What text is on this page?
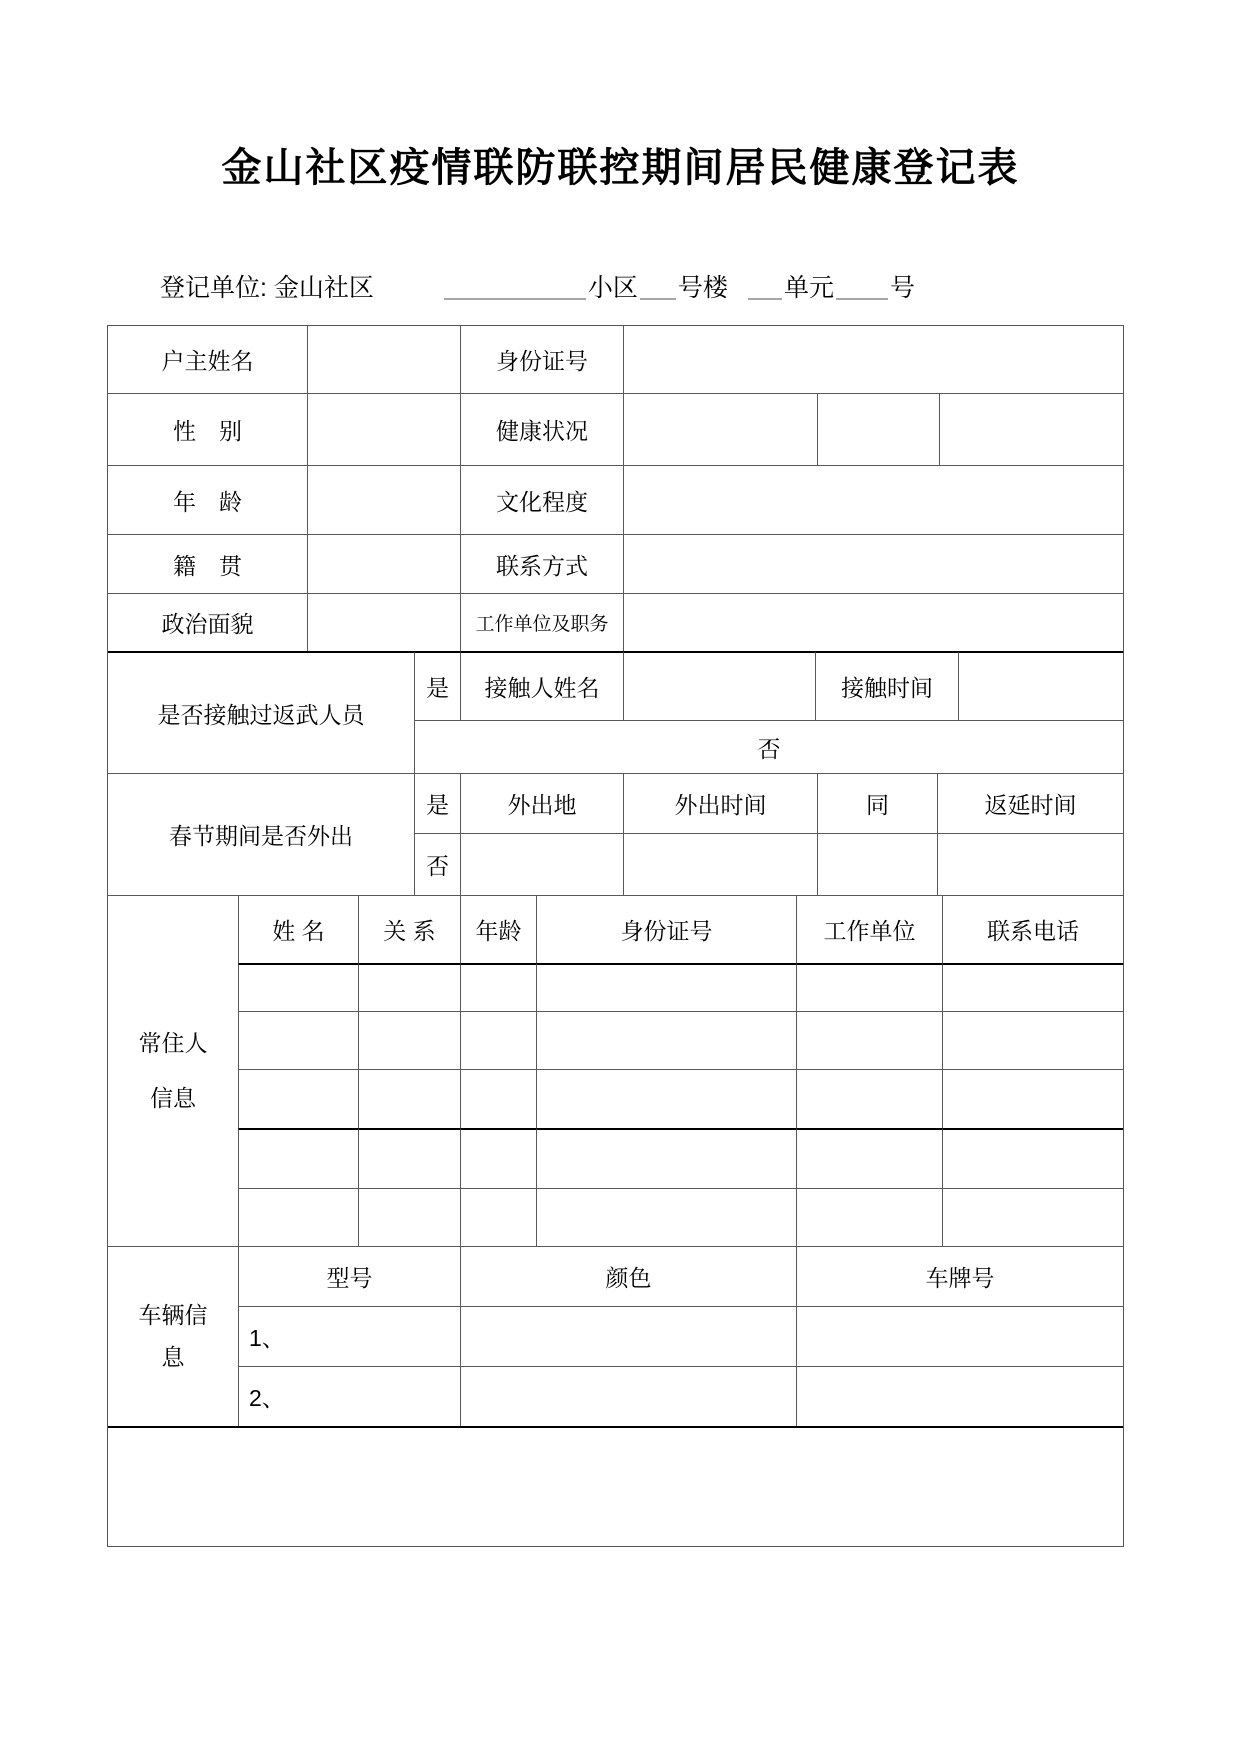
金山社区疫情联防联控期间居民健康登记表
登记单位: 金山社区	小区 号楼 单元 号
户主姓名	身份证号
性　别	健康状况
年　龄	文化程度
籍　贯	联系方式
政治面貌	工作单位及职务
是否接触过返武人员
是	接触人姓名	接触时间
否
春节期间是否外出
是	外出地	外出时间	同	返延时间
否
常住人
信息
姓 名	关 系	年龄	身份证号	工作单位	联系电话
车辆信
息
型号	颜色	车牌号
1、
2、
